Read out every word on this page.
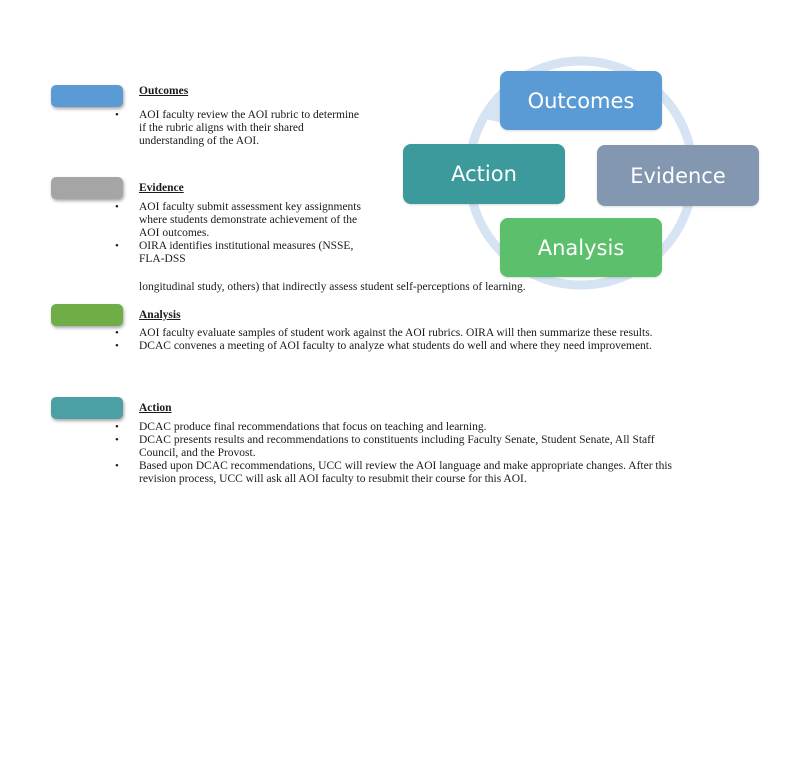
Outcomes
Evidence
Analysis
Action
Outcomes
• AOI faculty review the AOI rubric to determine if the rubric aligns with their shared understanding of the AOI.
Evidence
• AOI faculty submit assessment key assignments where students demonstrate achievement of the AOI outcomes.
• OIRA identifies institutional measures (NSSE, FLA-DSS
longitudinal study, others) that indirectly assess student self-perceptions of learning.
Analysis
• AOI faculty evaluate samples of student work against the AOI rubrics. OIRA will then summarize these results.
• DCAC convenes a meeting of AOI faculty to analyze what students do well and where they need improvement.
Action
• DCAC produce final recommendations that focus on teaching and learning.
• DCAC presents results and recommendations to constituents including Faculty Senate, Student Senate, All Staff Council, and the Provost.
• Based upon DCAC recommendations, UCC will review the AOI language and make appropriate changes. After this revision process, UCC will ask all AOI faculty to resubmit their course for this AOI.
